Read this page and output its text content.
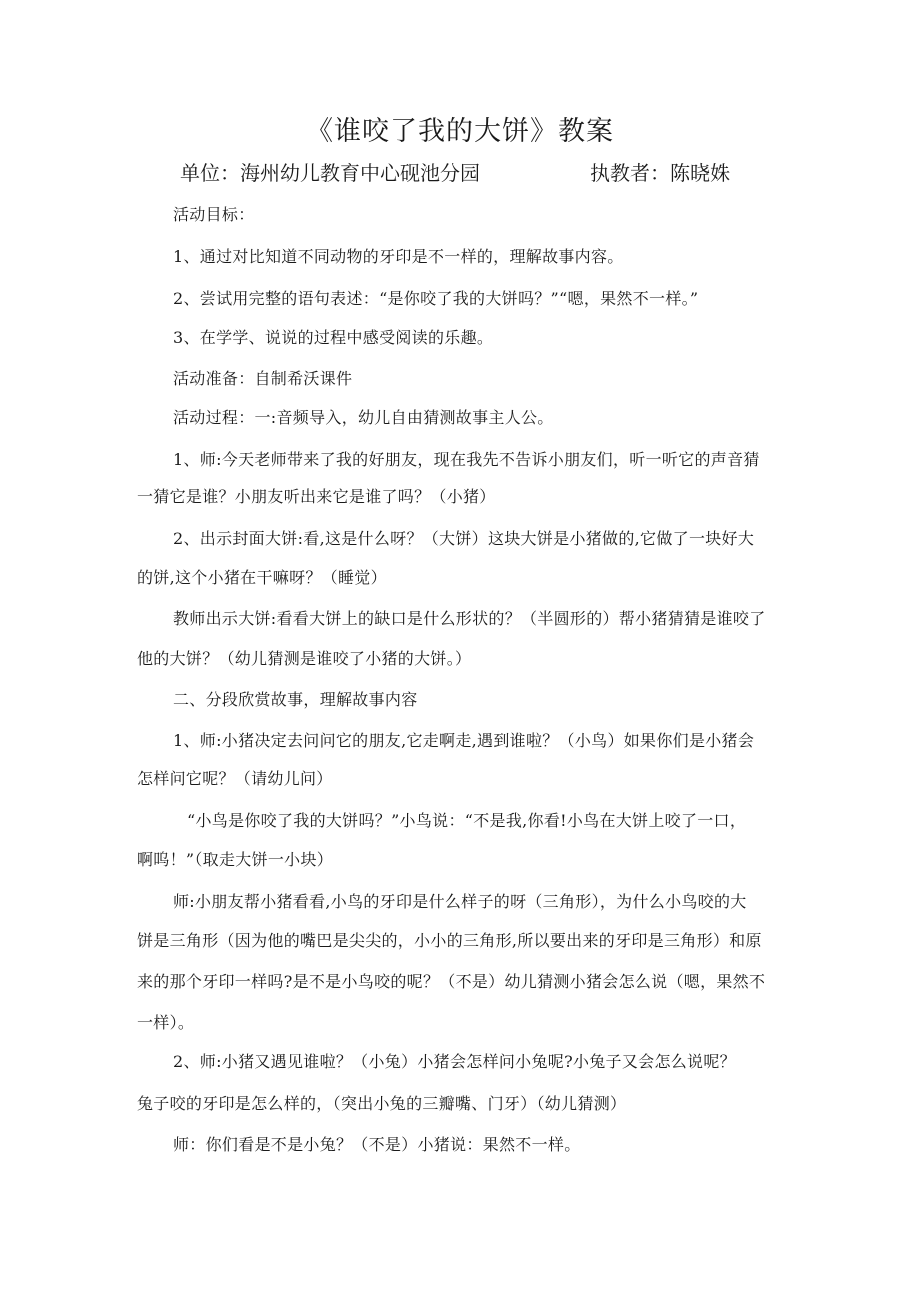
《谁咬了我的大饼》教案
单位：海州幼儿教育中心砚池分园	执教者：陈晓姝
活动目标：
1、通过对比知道不同动物的牙印是不一样的，理解故事内容。
2、尝试用完整的语句表述：“是你咬了我的大饼吗？”“嗯，果然不一样。”
3、在学学、说说的过程中感受阅读的乐趣。
活动准备：自制希沃课件
活动过程：一:音频导入，幼儿自由猜测故事主人公。
1、师:今天老师带来了我的好朋友，现在我先不告诉小朋友们，听一听它的声音猜
一猜它是谁？小朋友听出来它是谁了吗？（小猪）
2、出示封面大饼:看,这是什么呀？（大饼）这块大饼是小猪做的,它做了一块好大
的饼,这个小猪在干嘛呀？（睡觉）
教师出示大饼:看看大饼上的缺口是什么形状的？（半圆形的）帮小猪猜猜是谁咬了
他的大饼？（幼儿猜测是谁咬了小猪的大饼。）
二、分段欣赏故事，理解故事内容
1、师:小猪决定去问问它的朋友,它走啊走,遇到谁啦？（小鸟）如果你们是小猪会
怎样问它呢？（请幼儿问）
“小鸟是你咬了我的大饼吗？”小鸟说：“不是我,你看!小鸟在大饼上咬了一口，
啊呜！”（取走大饼一小块）
师:小朋友帮小猪看看,小鸟的牙印是什么样子的呀（三角形），为什么小鸟咬的大
饼是三角形（因为他的嘴巴是尖尖的，小小的三角形,所以要出来的牙印是三角形）和原
来的那个牙印一样吗?是不是小鸟咬的呢？（不是）幼儿猜测小猪会怎么说（嗯，果然不
一样）。
2、师:小猪又遇见谁啦？（小兔）小猪会怎样问小兔呢?小兔子又会怎么说呢？
兔子咬的牙印是怎么样的，（突出小兔的三瓣嘴、门牙）（幼儿猜测）
师：你们看是不是小兔？（不是）小猪说：果然不一样。
